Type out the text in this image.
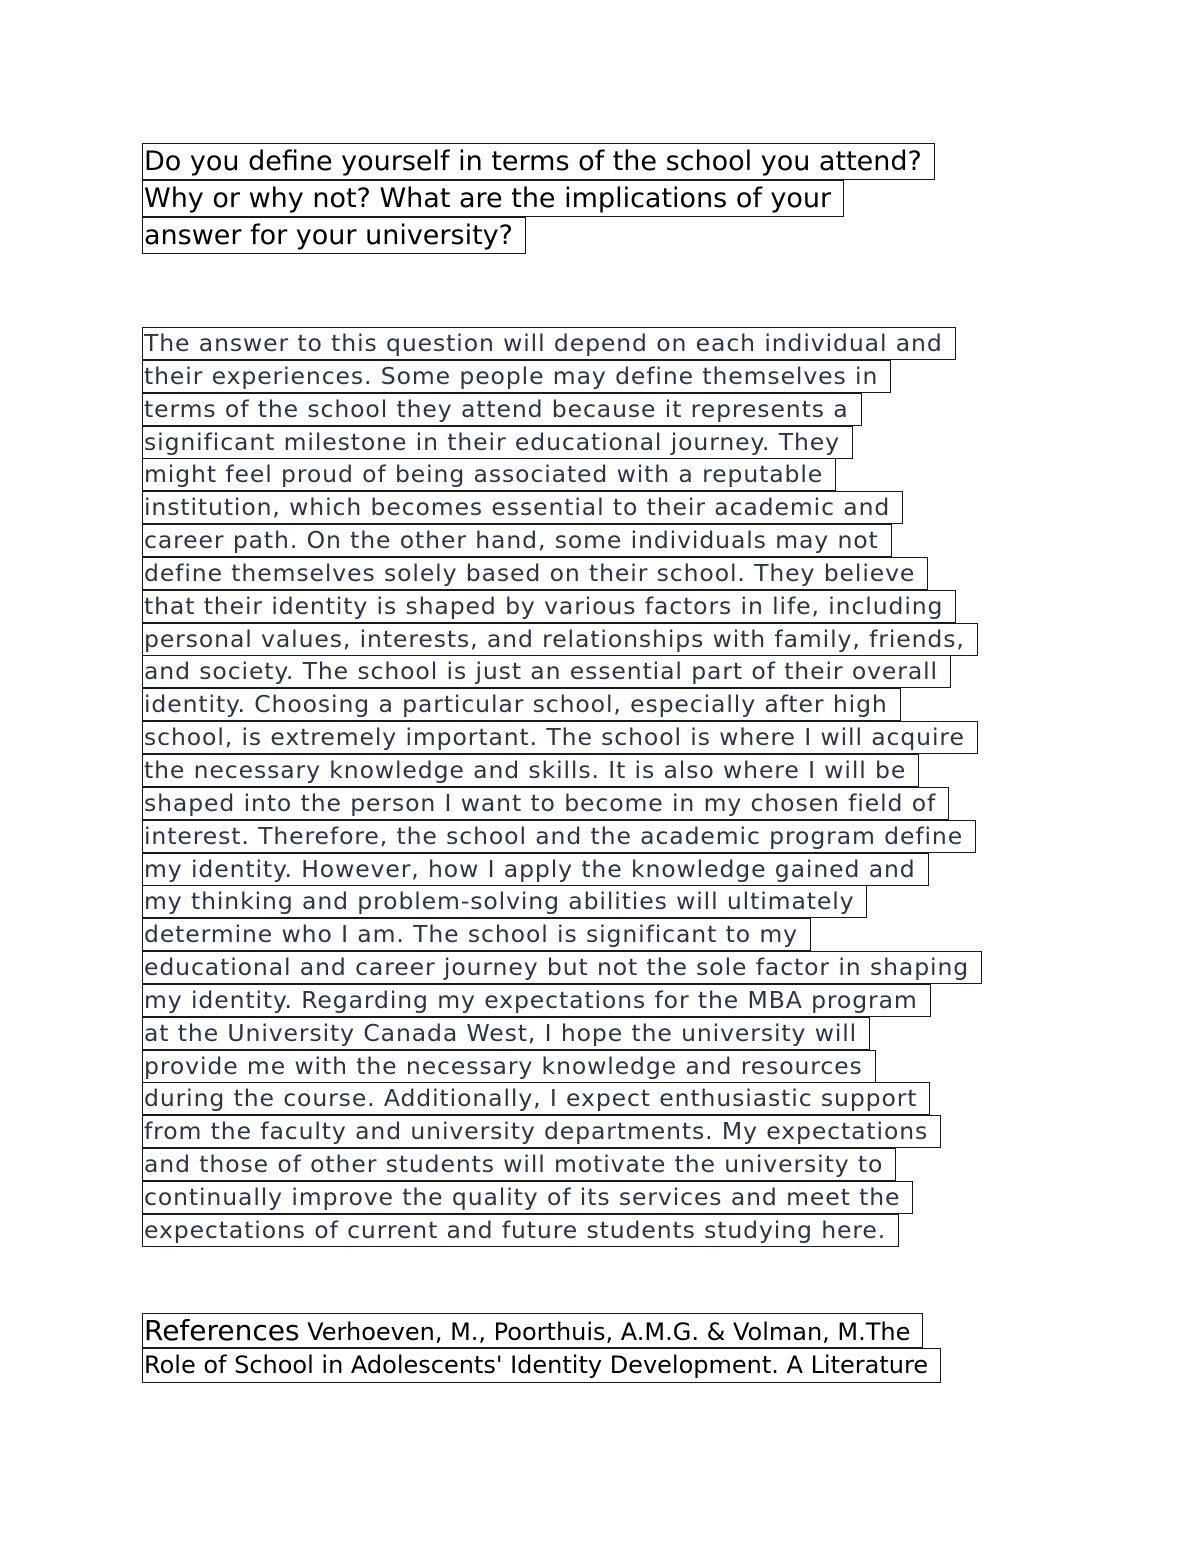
Do you define yourself in terms of the school you attend?
Why or why not? What are the implications of your
answer for your university?
The answer to this question will depend on each individual and
their experiences. Some people may define themselves in
terms of the school they attend because it represents a
significant milestone in their educational journey. They
might feel proud of being associated with a reputable
institution, which becomes essential to their academic and
career path. On the other hand, some individuals may not
define themselves solely based on their school. They believe
that their identity is shaped by various factors in life, including
personal values, interests, and relationships with family, friends,
and society. The school is just an essential part of their overall
identity. Choosing a particular school, especially after high
school, is extremely important. The school is where I will acquire
the necessary knowledge and skills. It is also where I will be
shaped into the person I want to become in my chosen field of
interest. Therefore, the school and the academic program define
my identity. However, how I apply the knowledge gained and
my thinking and problem-solving abilities will ultimately
determine who I am. The school is significant to my
educational and career journey but not the sole factor in shaping
my identity. Regarding my expectations for the MBA program
at the University Canada West, I hope the university will
provide me with the necessary knowledge and resources
during the course. Additionally, I expect enthusiastic support
from the faculty and university departments. My expectations
and those of other students will motivate the university to
continually improve the quality of its services and meet the
expectations of current and future students studying here.
References Verhoeven, M., Poorthuis, A.M.G. & Volman, M.The
Role of School in Adolescents' Identity Development. A Literature
